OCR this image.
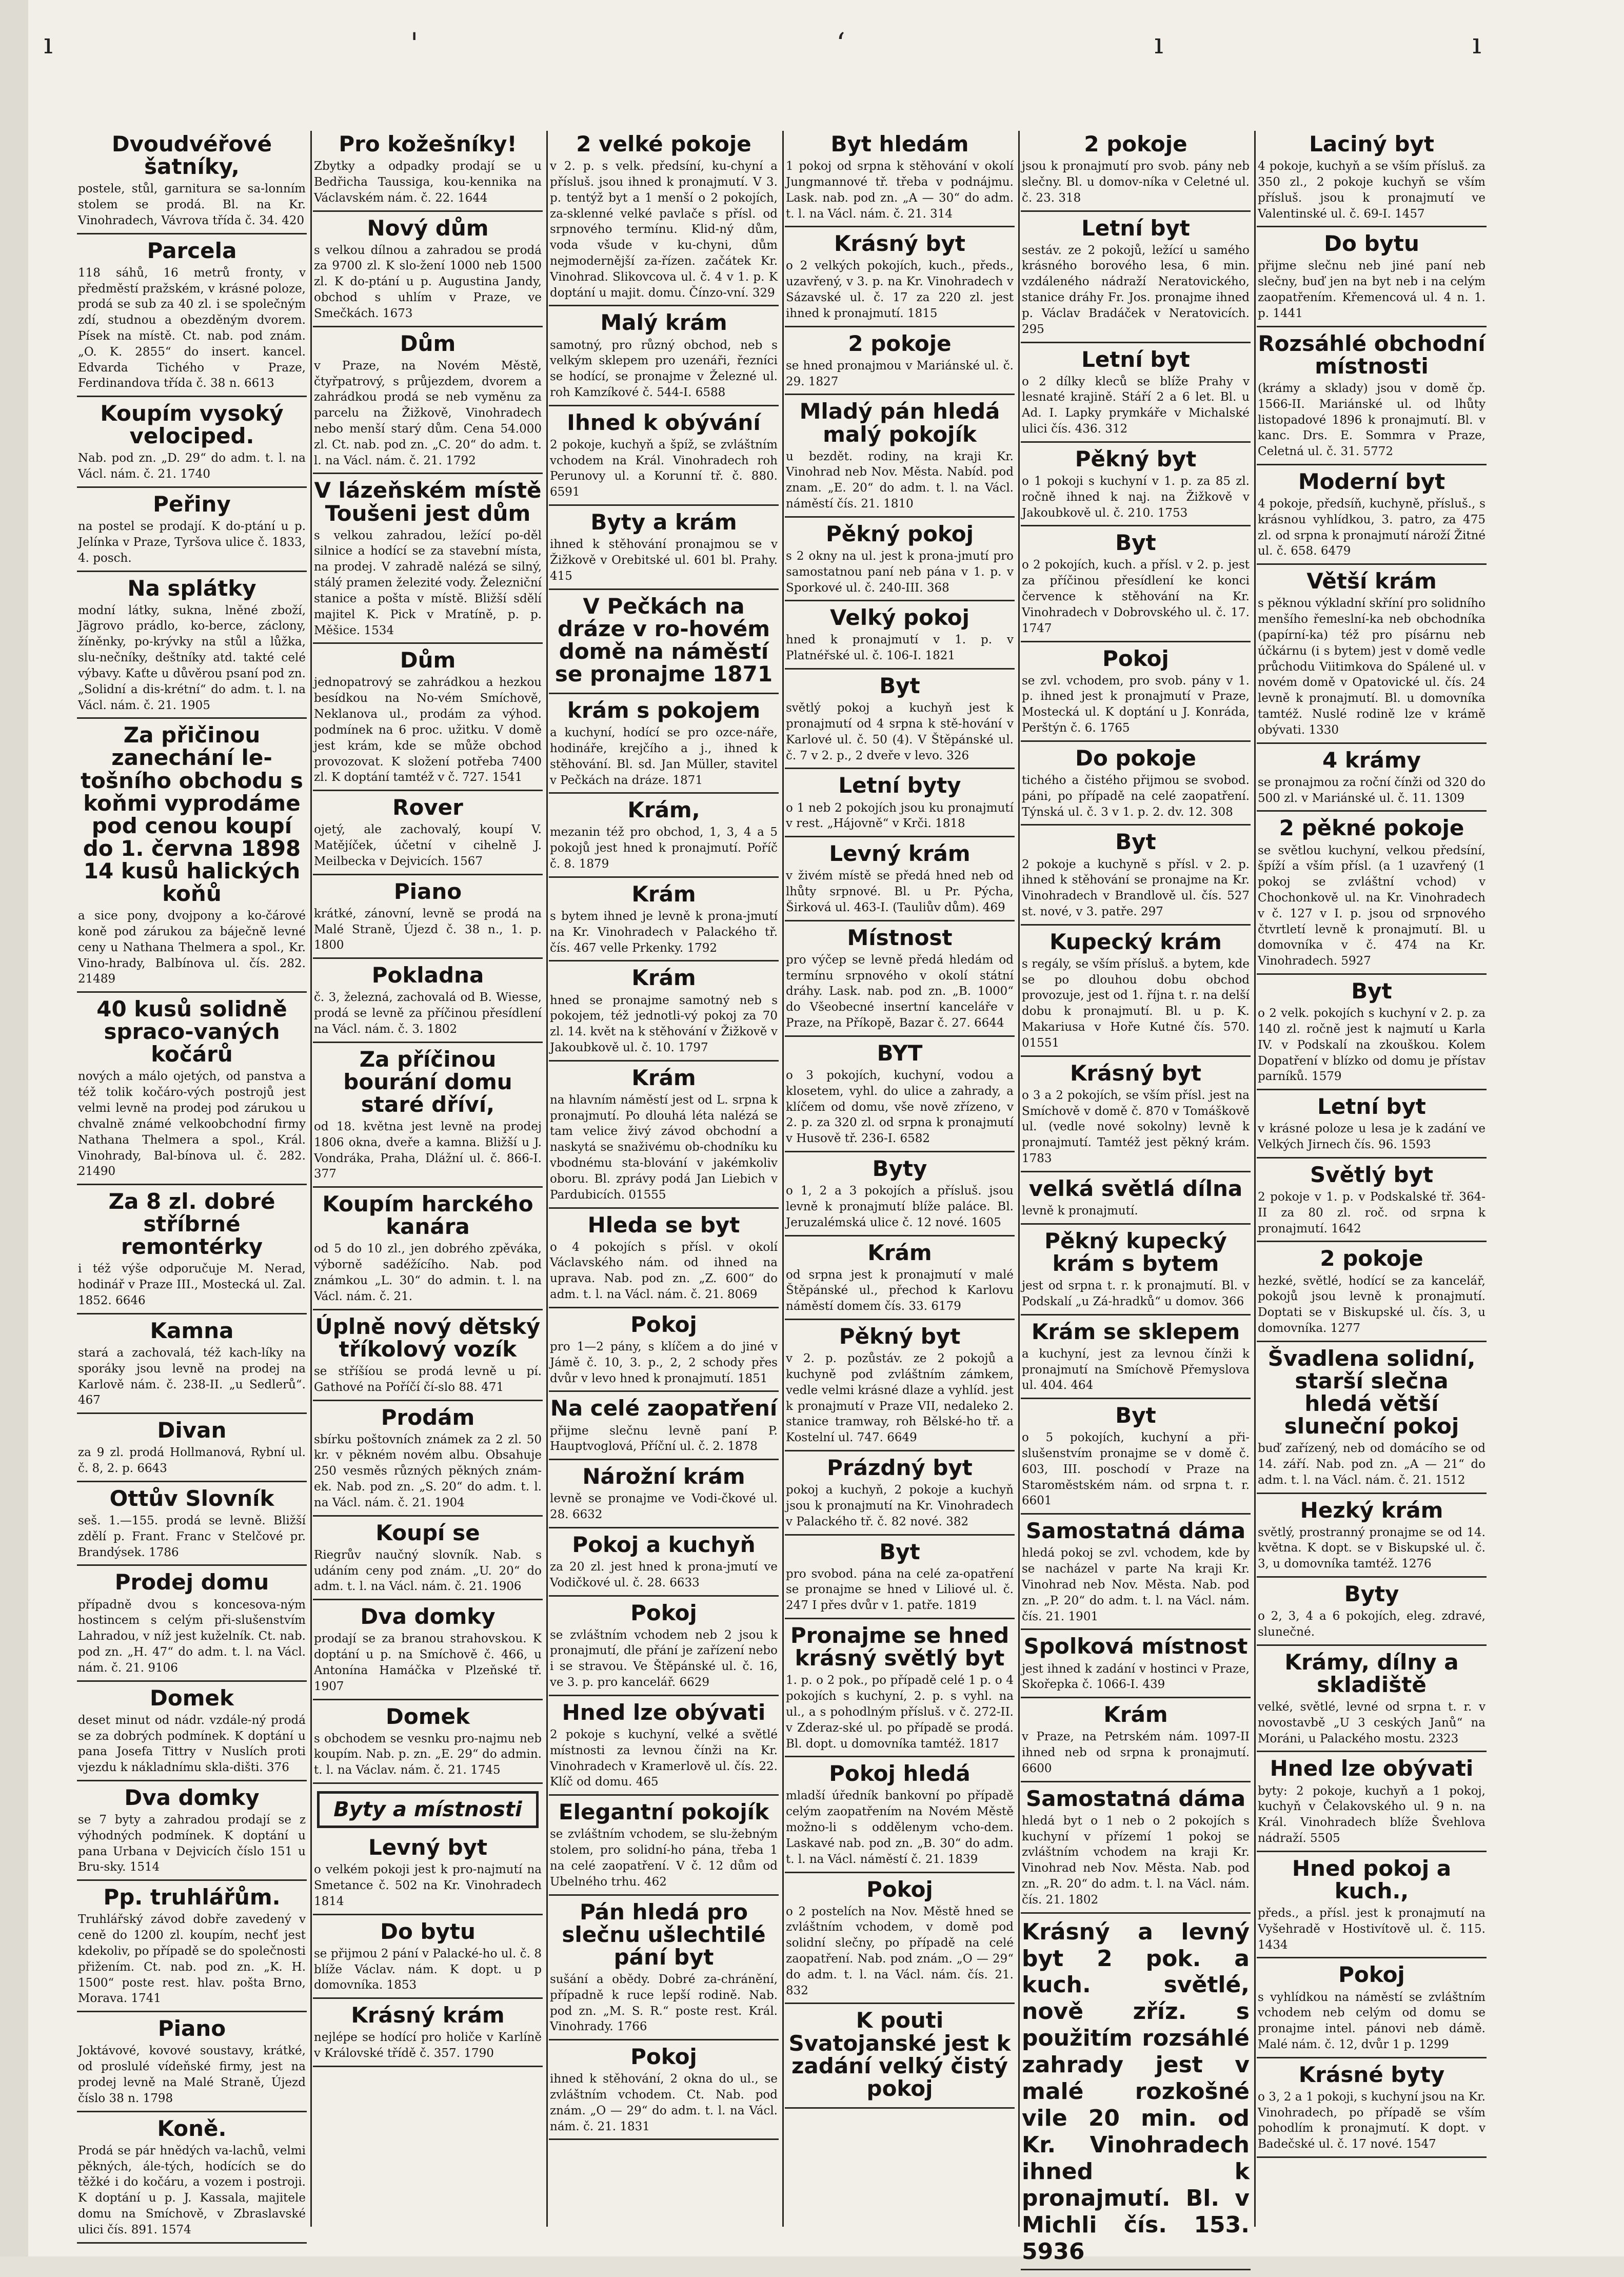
ı	'	‘	ı	ı
Dvoudvéřové šatníky,
postele, stůl, garnitura se sa-lonním stolem se prodá. Bl. na Kr. Vinohradech, Vávrova třída č. 34. 420
Parcela
118 sáhů, 16 metrů fronty, v předměstí pražském, v krásné poloze, prodá se sub za 40 zl. i se společným zdí, studnou a obezděným dvorem. Písek na místě. Ct. nab. pod znám. „O. K. 2855“ do insert. kancel. Edvarda Tichého v Praze, Ferdinandova třída č. 38 n. 6613
Koupím vysoký velociped.
Nab. pod zn. „D. 29“ do adm. t. l. na Václ. nám. č. 21. 1740
Peřiny
na postel se prodají. K do-ptání u p. Jelínka v Praze, Tyršova ulice č. 1833, 4. posch.
Na splátky
modní látky, sukna, lněné zboží, Jägrovo prádlo, ko-berce, záclony, žíněnky, po-krývky na stůl a lůžka, slu-nečníky, deštníky atd. takté celé výbavy. Kaťte u důvěrou psaní pod zn. „Solidní a dis-krétní“ do adm. t. l. na Václ. nám. č. 21. 1905
Za přičinou zanechání le-tošního obchodu s koňmi vyprodáme pod cenou koupí do 1. června 1898 14 kusů halických koňů
a sice pony, dvojpony a ko-čárové koně pod zárukou za báječně levné ceny u Nathana Thelmera a spol., Kr. Vino-hrady, Balbínova ul. čís. 282. 21489
40 kusů solidně spraco-vaných kočárů
nových a málo ojetých, od panstva a též tolik kočáro-vých postrojů jest velmi levně na prodej pod zárukou u chvalně známé velkoobchodní firmy Nathana Thelmera a spol., Král. Vinohrady, Bal-bínova ul. č. 282. 21490
Za 8 zl. dobré stříbrné remontérky
i též výše odporučuje M. Nerad, hodinář v Praze III., Mostecká ul. Zal. 1852. 6646
Kamna
stará a zachovalá, též kach-líky na sporáky jsou levně na prodej na Karlově nám. č. 238-II. „u Sedlerů“. 467
Divan
za 9 zl. prodá Hollmanová, Rybní ul. č. 8, 2. p. 6643
Ottův Slovník
seš. 1.—155. prodá se levně. Bližší zdělí p. Frant. Franc v Stelčové pr. Brandýsek. 1786
Prodej domu
případně dvou s koncesova-ným hostincem s celým při-slušenstvím Lahradou, v níž jest kuželník. Ct. nab. pod zn. „H. 47“ do adm. t. l. na Václ. nám. č. 21. 9106
Domek
deset minut od nádr. vzdále-ný prodá se za dobrých podmínek. K doptání u pana Josefa Tittry v Nuslích proti vjezdu k nákladnímu skla-dišti. 376
Dva domky
se 7 byty a zahradou prodají se z výhodných podmínek. K doptání u pana Urbana v Dejvicích číslo 151 u Bru-sky. 1514
Pp. truhlářům.
Truhlářský závod dobře zavedený v ceně do 1200 zl. koupím, nechť jest kdekoliv, po případě se do společnosti přižením. Ct. nab. pod zn. „K. H. 1500“ poste rest. hlav. pošta Brno, Morava. 1741
Piano
Joktávové, kovové soustavy, krátké, od proslulé vídeňské firmy, jest na prodej levně na Malé Straně, Újezd číslo 38 n. 1798
Koně.
Prodá se pár hnědých va-lachů, velmi pěkných, ále-tých, hodících se do těžké i do kočáru, a vozem i postroji. K doptání u p. J. Kassala, majitele domu na Smíchově, v Zbraslavské ulici čís. 891. 1574
Pro kožešníky!
Zbytky a odpadky prodají se u Bedřicha Taussiga, kou-kennika na Václavském nám. č. 22. 1644
Nový dům
s velkou dílnou a zahradou se prodá za 9700 zl. K slo-žení 1000 neb 1500 zl. K do-ptání u p. Augustina Jandy, obchod s uhlím v Praze, ve Smečkách. 1673
Dům
v Praze, na Novém Městě, čtyřpatrový, s průjezdem, dvorem a zahrádkou prodá se neb vyměnu za parcelu na Žižkově, Vinohradech nebo menší starý dům. Cena 54.000 zl. Ct. nab. pod zn. „C. 20“ do adm. t. l. na Václ. nám. č. 21. 1792
V lázeňském místě Toušeni jest dům
s velkou zahradou, ležící po-děl silnice a hodící se za stavební místa, na prodej. V zahradě nalézá se silný, stálý pramen železité vody. Železniční stanice a pošta v místě. Bližší sdělí majitel K. Pick v Mratíně, p. p. Měšice. 1534
Dům
jednopatrový se zahrádkou a hezkou besídkou na No-vém Smíchově, Neklanova ul., prodám za výhod. podmínek na 6 proc. užitku. V domě jest krám, kde se může obchod provozovat. K složení potřeba 7400 zl. K doptání tamtéž v č. 727. 1541
Rover
ojetý, ale zachovalý, koupí V. Matějíček, účetní v cihelně J. Meilbecka v Dejvicích. 1567
Piano
krátké, zánovní, levně se prodá na Malé Straně, Újezd č. 38 n., 1. p. 1800
Pokladna
č. 3, železná, zachovalá od B. Wiesse, prodá se levně za příčinou přesídlení na Václ. nám. č. 3. 1802
Za příčinou bourání domu staré dříví,
od 18. května jest levně na prodej 1806 okna, dveře a kamna. Bližší u J. Vondráka, Praha, Dlážní ul. č. 866-I. 377
Koupím harckého kanára
od 5 do 10 zl., jen dobrého zpěváka, výborně sadéžícího. Nab. pod známkou „L. 30“ do admin. t. l. na Václ. nám. č. 21.
Úplně nový dětský tříkolový vozík
se stříšíou se prodá levně u pí. Gathové na Poříčí čí-slo 88. 471
Prodám
sbírku poštovních známek za 2 zl. 50 kr. v pěkném novém albu. Obsahuje 250 vesměs různých pěkných znám-ek. Nab. pod zn. „S. 20“ do adm. t. l. na Václ. nám. č. 21. 1904
Koupí se
Riegrův naučný slovník. Nab. s udáním ceny pod znám. „U. 20“ do adm. t. l. na Václ. nám. č. 21. 1906
Dva domky
prodají se za branou strahovskou. K doptání u p. na Smíchově č. 466, u Antonína Hamáčka v Plzeňské tř. 1907
Domek
s obchodem se vesnku pro-najmu neb koupím. Nab. p. zn. „E. 29“ do admin. t. l. na Václav. nám. č. 21. 1745
Byty a místnosti
Levný byt
o velkém pokoji jest k pro-najmutí na Smetance č. 502 na Kr. Vinohradech 1814
Do bytu
se přijmou 2 pání v Palacké-ho ul. č. 8 blíže Václav. nám. K dopt. u p domovníka. 1853
Krásný krám
nejlépe se hodící pro holiče v Karlíně v Královské třídě č. 357. 1790
2 velké pokoje
v 2. p. s velk. předsíní, ku-chyní a přísluš. jsou ihned k pronajmutí. V 3. p. tentýž byt a 1 menší o 2 pokojích, za-sklenné velké pavlače s přísl. od srpnového termínu. Klid-ný dům, voda všude v ku-chyni, dům nejmodernější za-řízen. začátek Kr. Vinohrad. Slikovcova ul. č. 4 v 1. p. K doptání u majit. domu. Čínzo-vní. 329
Malý krám
samotný, pro různý obchod, neb s velkým sklepem pro uzenáři, řezníci se hodící, se pronajme v Železné ul. roh Kamzíkové č. 544-I. 6588
Ihned k obývání
2 pokoje, kuchyň a špíž, se zvláštním vchodem na Král. Vinohradech roh Perunovy ul. a Korunní tř. č. 880. 6591
Byty a krám
ihned k stěhování pronajmou se v Žižkově v Orebitské ul. 601 bl. Prahy. 415
V Pečkách na dráze v ro-hovém domě na náměstí se pronajme 1871
krám s pokojem
a kuchyní, hodící se pro ozce-náře, hodináře, krejčího a j., ihned k stěhování. Bl. sd. Jan Müller, stavitel v Pečkách na dráze. 1871
Krám,
mezanin též pro obchod, 1, 3, 4 a 5 pokojů jest hned k pronajmutí. Poříč č. 8. 1879
Krám
s bytem ihned je levně k prona-jmutí na Kr. Vinohradech v Palackého tř. čís. 467 velle Prkenky. 1792
Krám
hned se pronajme samotný neb s pokojem, též jednotli-vý pokoj za 70 zl. 14. květ na k stěhování v Žižkově v Jakoubkově ul. č. 10. 1797
Krám
na hlavním náměstí jest od L. srpna k pronajmutí. Po dlouhá léta nalézá se tam velice živý závod obchodní a naskytá se snaživému ob-chodníku ku vbodnému sta-blování v jakémkoliv oboru. Bl. zprávy podá Jan Liebich v Pardubicích. 01555
Hleda se byt
o 4 pokojích s přísl. v okolí Václavského nám. od ihned na uprava. Nab. pod zn. „Z. 600“ do adm. t. l. na Václ. nám. č. 21. 8069
Pokoj
pro 1—2 pány, s klíčem a do jiné v Jámě č. 10, 3. p., 2, 2 schody přes dvůr v levo hned k pronajmutí. 1851
Na celé zaopatření
přijme slečnu levně paní P. Hauptvoglová, Příční ul. č. 2. 1878
Nárožní krám
levně se pronajme ve Vodi-čkové ul. 28. 6632
Pokoj a kuchyň
za 20 zl. jest hned k prona-jmutí ve Vodičkové ul. č. 28. 6633
Pokoj
se zvláštním vchodem neb 2 jsou k pronajmutí, dle přání je zařízení nebo i se stravou. Ve Štěpánské ul. č. 16, ve 3. p. pro kancelář. 6629
Hned lze obývati
2 pokoje s kuchyní, velké a světlé místnosti za levnou čínži na Kr. Vinohradech v Kramerlově ul. čís. 22. Klíč od domu. 465
Elegantní pokojík
se zvláštním vchodem, se slu-žebným stolem, pro solidní-ho pána, třeba 1 na celé zaopatření. V č. 12 dům od Ubelného trhu. 462
Pán hledá pro slečnu ušlechtilé pání byt
sušání a obědy. Dobré za-chránění, případně k ruce lepší rodině. Nab. pod zn. „M. S. R.“ poste rest. Král. Vinohrady. 1766
Pokoj
ihned k stěhování, 2 okna do ul., se zvláštním vchodem. Ct. Nab. pod znám. „O — 29“ do adm. t. l. na Václ. nám. č. 21. 1831
Byt hledám
1 pokoj od srpna k stěhování v okolí Jungmannové tř. třeba v podnájmu. Lask. nab. pod zn. „A — 30“ do adm. t. l. na Václ. nám. č. 21. 314
Krásný byt
o 2 velkých pokojích, kuch., předs., uzavřený, v 3. p. na Kr. Vinohradech v Sázavské ul. č. 17 za 220 zl. jest ihned k pronajmutí. 1815
2 pokoje
se hned pronajmou v Mariánské ul. č. 29. 1827
Mladý pán hledá malý pokojík
u bezdět. rodiny, na kraji Kr. Vinohrad neb Nov. Města. Nabíd. pod znam. „E. 20“ do adm. t. l. na Václ. náměstí čís. 21. 1810
Pěkný pokoj
s 2 okny na ul. jest k prona-jmutí pro samostatnou paní neb pána v 1. p. v Sporkové ul. č. 240-III. 368
Velký pokoj
hned k pronajmutí v 1. p. v Platnéřské ul. č. 106-I. 1821
Byt
světlý pokoj a kuchyň jest k pronajmutí od 4 srpna k stě-hování v Karlové ul. č. 50 (4). V Štěpánské ul. č. 7 v 2. p., 2 dveře v levo. 326
Letní byty
o 1 neb 2 pokojích jsou ku pronajmutí v rest. „Hájovně“ v Krči. 1818
Levný krám
v živém místě se předá hned neb od lhůty srpnové. Bl. u Pr. Pýcha, Širková ul. 463-I. (Tauliův dům). 469
Místnost
pro výčep se levně předá hledám od termínu srpnového v okolí státní dráhy. Lask. nab. pod zn. „B. 1000“ do Všeobecné insertní kanceláře v Praze, na Příkopě, Bazar č. 27. 6644
BYT
o 3 pokojích, kuchyní, vodou a klosetem, vyhl. do ulice a zahrady, a klíčem od domu, vše nově zřízeno, v 2. p. za 320 zl. od srpna k pronajmutí v Husově tř. 236-I. 6582
Byty
o 1, 2 a 3 pokojích a přísluš. jsou levně k pronajmutí blíže paláce. Bl. Jeruzalémská ulice č. 12 nové. 1605
Krám
od srpna jest k pronajmutí v malé Štěpánské ul., přechod k Karlovu náměstí domem čís. 33. 6179
Pěkný byt
v 2. p. pozůstáv. ze 2 pokojů a kuchyně pod zvláštním zámkem, vedle velmi krásné dlaze a vyhlíd. jest k pronajmutí v Praze VII, nedaleko 2. stanice tramway, roh Bělské-ho tř. a Kostelní ul. 747. 6649
Prázdný byt
pokoj a kuchyň, 2 pokoje a kuchyň jsou k pronajmutí na Kr. Vinohradech v Palackého tř. č. 82 nové. 382
Byt
pro svobod. pána na celé za-opatření se pronajme se hned v Liliové ul. č. 247 I přes dvůr v 1. patře. 1819
Pronajme se hned krásný světlý byt
1. p. o 2 pok., po případě celé 1 p. o 4 pokojích s kuchyní, 2. p. s vyhl. na ul., a s pohodlným přísluš. v č. 272-II. v Zderaz-ské ul. po případě se prodá. Bl. dopt. u domovníka tamtéž. 1817
Pokoj hledá
mladší úředník bankovní po případě celým zaopatřením na Novém Městě možno-li s oddělenym vcho-dem. Laskavé nab. pod zn. „B. 30“ do adm. t. l. na Václ. náměstí č. 21. 1839
Pokoj
o 2 postelích na Nov. Městě hned se zvláštním vchodem, v domě pod solidní slečny, po případě na celé zaopatření. Nab. pod znám. „O — 29“ do adm. t. l. na Václ. nám. čís. 21. 832
K pouti Svatojanské jest k zadání velký čistý pokoj
2 pokoje
jsou k pronajmutí pro svob. pány neb slečny. Bl. u domov-níka v Celetné ul. č. 23. 318
Letní byt
sestáv. ze 2 pokojů, ležící u samého krásného borového lesa, 6 min. vzdáleného nádraží Neratovického, stanice dráhy Fr. Jos. pronajme ihned p. Václav Bradáček v Neratovicích. 295
Letní byt
o 2 dílky kleců se blíže Prahy v lesnaté krajině. Stáří 2 a 6 let. Bl. u Ad. I. Lapky prymkáře v Michalské ulici čís. 436. 312
Pěkný byt
o 1 pokoji s kuchyní v 1. p. za 85 zl. ročně ihned k naj. na Žižkově v Jakoubkově ul. č. 210. 1753
Byt
o 2 pokojích, kuch. a přísl. v 2. p. jest za příčinou přesídlení ke konci července k stěhování na Kr. Vinohradech v Dobrovského ul. č. 17. 1747
Pokoj
se zvl. vchodem, pro svob. pány v 1. p. ihned jest k pronajmutí v Praze, Mostecká ul. K doptání u J. Konráda, Perštýn č. 6. 1765
Do pokoje
tichého a čistého přijmou se svobod. páni, po případě na celé zaopatření. Týnská ul. č. 3 v 1. p. 2. dv. 12. 308
Byt
2 pokoje a kuchyně s přísl. v 2. p. ihned k stěhování se pronajme na Kr. Vinohradech v Brandlově ul. čís. 527 st. nové, v 3. patře. 297
Kupecký krám
s regály, se vším přísluš. a bytem, kde se po dlouhou dobu obchod provozuje, jest od 1. října t. r. na delší dobu k pronajmutí. Bl. u p. K. Makariusa v Hoře Kutné čís. 570. 01551
Krásný byt
o 3 a 2 pokojích, se vším přísl. jest na Smíchově v domě č. 870 v Tomáškově ul. (vedle nové sokolny) levně k pronajmutí. Tamtéž jest pěkný krám. 1783
velká světlá dílna
levně k pronajmutí.
Pěkný kupecký krám s bytem
jest od srpna t. r. k pronajmutí. Bl. v Podskalí „u Zá-hradků“ u domov. 366
Krám se sklepem
a kuchyní, jest za levnou čínži k pronajmutí na Smíchově Přemyslova ul. 404. 464
Byt
o 5 pokojích, kuchyní a při-slušenstvím pronajme se v domě č. 603, III. poschodí v Praze na Staroměstském nám. od srpna t. r. 6601
Samostatná dáma
hledá pokoj se zvl. vchodem, kde by se nacházel v parte Na kraji Kr. Vinohrad neb Nov. Města. Nab. pod zn. „P. 20“ do adm. t. l. na Václ. nám. čís. 21. 1901
Spolková místnost
jest ihned k zadání v hostinci v Praze, Skořepka č. 1066-I. 439
Krám
v Praze, na Petrském nám. 1097-II ihned neb od srpna k pronajmutí. 6600
Samostatná dáma
hledá byt o 1 neb o 2 pokojích s kuchyní v přízemí 1 pokoj se zvláštním vchodem na kraji Kr. Vinohrad neb Nov. Města. Nab. pod zn. „R. 20“ do adm. t. l. na Václ. nám. čís. 21. 1802
Krásný a levný byt 2 pok. a kuch. světlé, nově zříz. s použitím rozsáhlé zahrady jest v malé rozkošné vile 20 min. od Kr. Vinohradech ihned k pronajmutí. Bl. v Michli čís. 153. 5936
Laciný byt
4 pokoje, kuchyň a se vším přísluš. za 350 zl., 2 pokoje kuchyň se vším přísluš. jsou k pronajmutí ve Valentinské ul. č. 69-I. 1457
Do bytu
přijme slečnu neb jiné paní neb slečny, buď jen na byt neb i na celým zaopatřením. Křemencová ul. 4 n. 1. p. 1441
Rozsáhlé obchodní místnosti
(krámy a sklady) jsou v domě čp. 1566-II. Mariánské ul. od lhůty listopadové 1896 k pronajmutí. Bl. v kanc. Drs. E. Sommra v Praze, Celetná ul. č. 31. 5772
Moderní byt
4 pokoje, předsíň, kuchyně, přísluš., s krásnou vyhlídkou, 3. patro, za 475 zl. od srpna k pronajmutí nároží Žitné ul. č. 658. 6479
Větší krám
s pěknou výkladní skříní pro solidního menšího řemeslní-ka neb obchodníka (papírní-ka) též pro písárnu neb účkárnu (i s bytem) jest v domě vedle průchodu Viitimkova do Spálené ul. v novém domě v Opatovické ul. čís. 24 levně k pronajmutí. Bl. u domovníka tamtéž. Nuslé rodině lze v krámě obývati. 1330
4 krámy
se pronajmou za roční čínži od 320 do 500 zl. v Mariánské ul. č. 11. 1309
2 pěkné pokoje
se světlou kuchyní, velkou předsíní, špíží a vším přísl. (a 1 uzavřený (1 pokoj se zvláštní vchod) v Chochonkově ul. na Kr. Vinohradech v č. 127 v I. p. jsou od srpnového čtvrtletí levně k pronajmutí. Bl. u domovníka v č. 474 na Kr. Vinohradech. 5927
Byt
o 2 velk. pokojích s kuchyní v 2. p. za 140 zl. ročně jest k najmutí u Karla IV. v Podskalí na zkouškou. Kolem Dopatření v blízko od domu je přístav parníků. 1579
Letní byt
v krásné poloze u lesa je k zadání ve Velkých Jirnech čís. 96. 1593
Světlý byt
2 pokoje v 1. p. v Podskalské tř. 364-II za 80 zl. roč. od srpna k pronajmutí. 1642
2 pokoje
hezké, světlé, hodící se za kancelář, pokojů jsou levně k pronajmutí. Doptati se v Biskupské ul. čís. 3, u domovníka. 1277
Švadlena solidní, starší slečna hledá větší sluneční pokoj
buď zařízený, neb od domácího se od 14. září. Nab. pod zn. „A — 21“ do adm. t. l. na Václ. nám. č. 21. 1512
Hezký krám
světlý, prostranný pronajme se od 14. května. K dopt. se v Biskupské ul. č. 3, u domovníka tamtéž. 1276
Byty
o 2, 3, 4 a 6 pokojích, eleg. zdravé, slunečné.
Krámy, dílny a skladiště
velké, světlé, levné od srpna t. r. v novostavbě „U 3 ceských Janů“ na Moráni, u Palackého mostu. 2323
Hned lze obývati
byty: 2 pokoje, kuchyň a 1 pokoj, kuchyň v Čelakovského ul. 9 n. na Král. Vinohradech blíže Švehlova nádraží. 5505
Hned pokoj a kuch.,
předs., a přísl. jest k pronajmutí na Vyšehradě v Hostivítově ul. č. 115. 1434
Pokoj
s vyhlídkou na náměstí se zvláštním vchodem neb celým od domu se pronajme intel. pánovi neb dámě. Malé nám. č. 12, dvůr 1 p. 1299
Krásné byty
o 3, 2 a 1 pokoji, s kuchyní jsou na Kr. Vinohradech, po případě se vším pohodlím k pronajmutí. K dopt. v Badečské ul. č. 17 nové. 1547
